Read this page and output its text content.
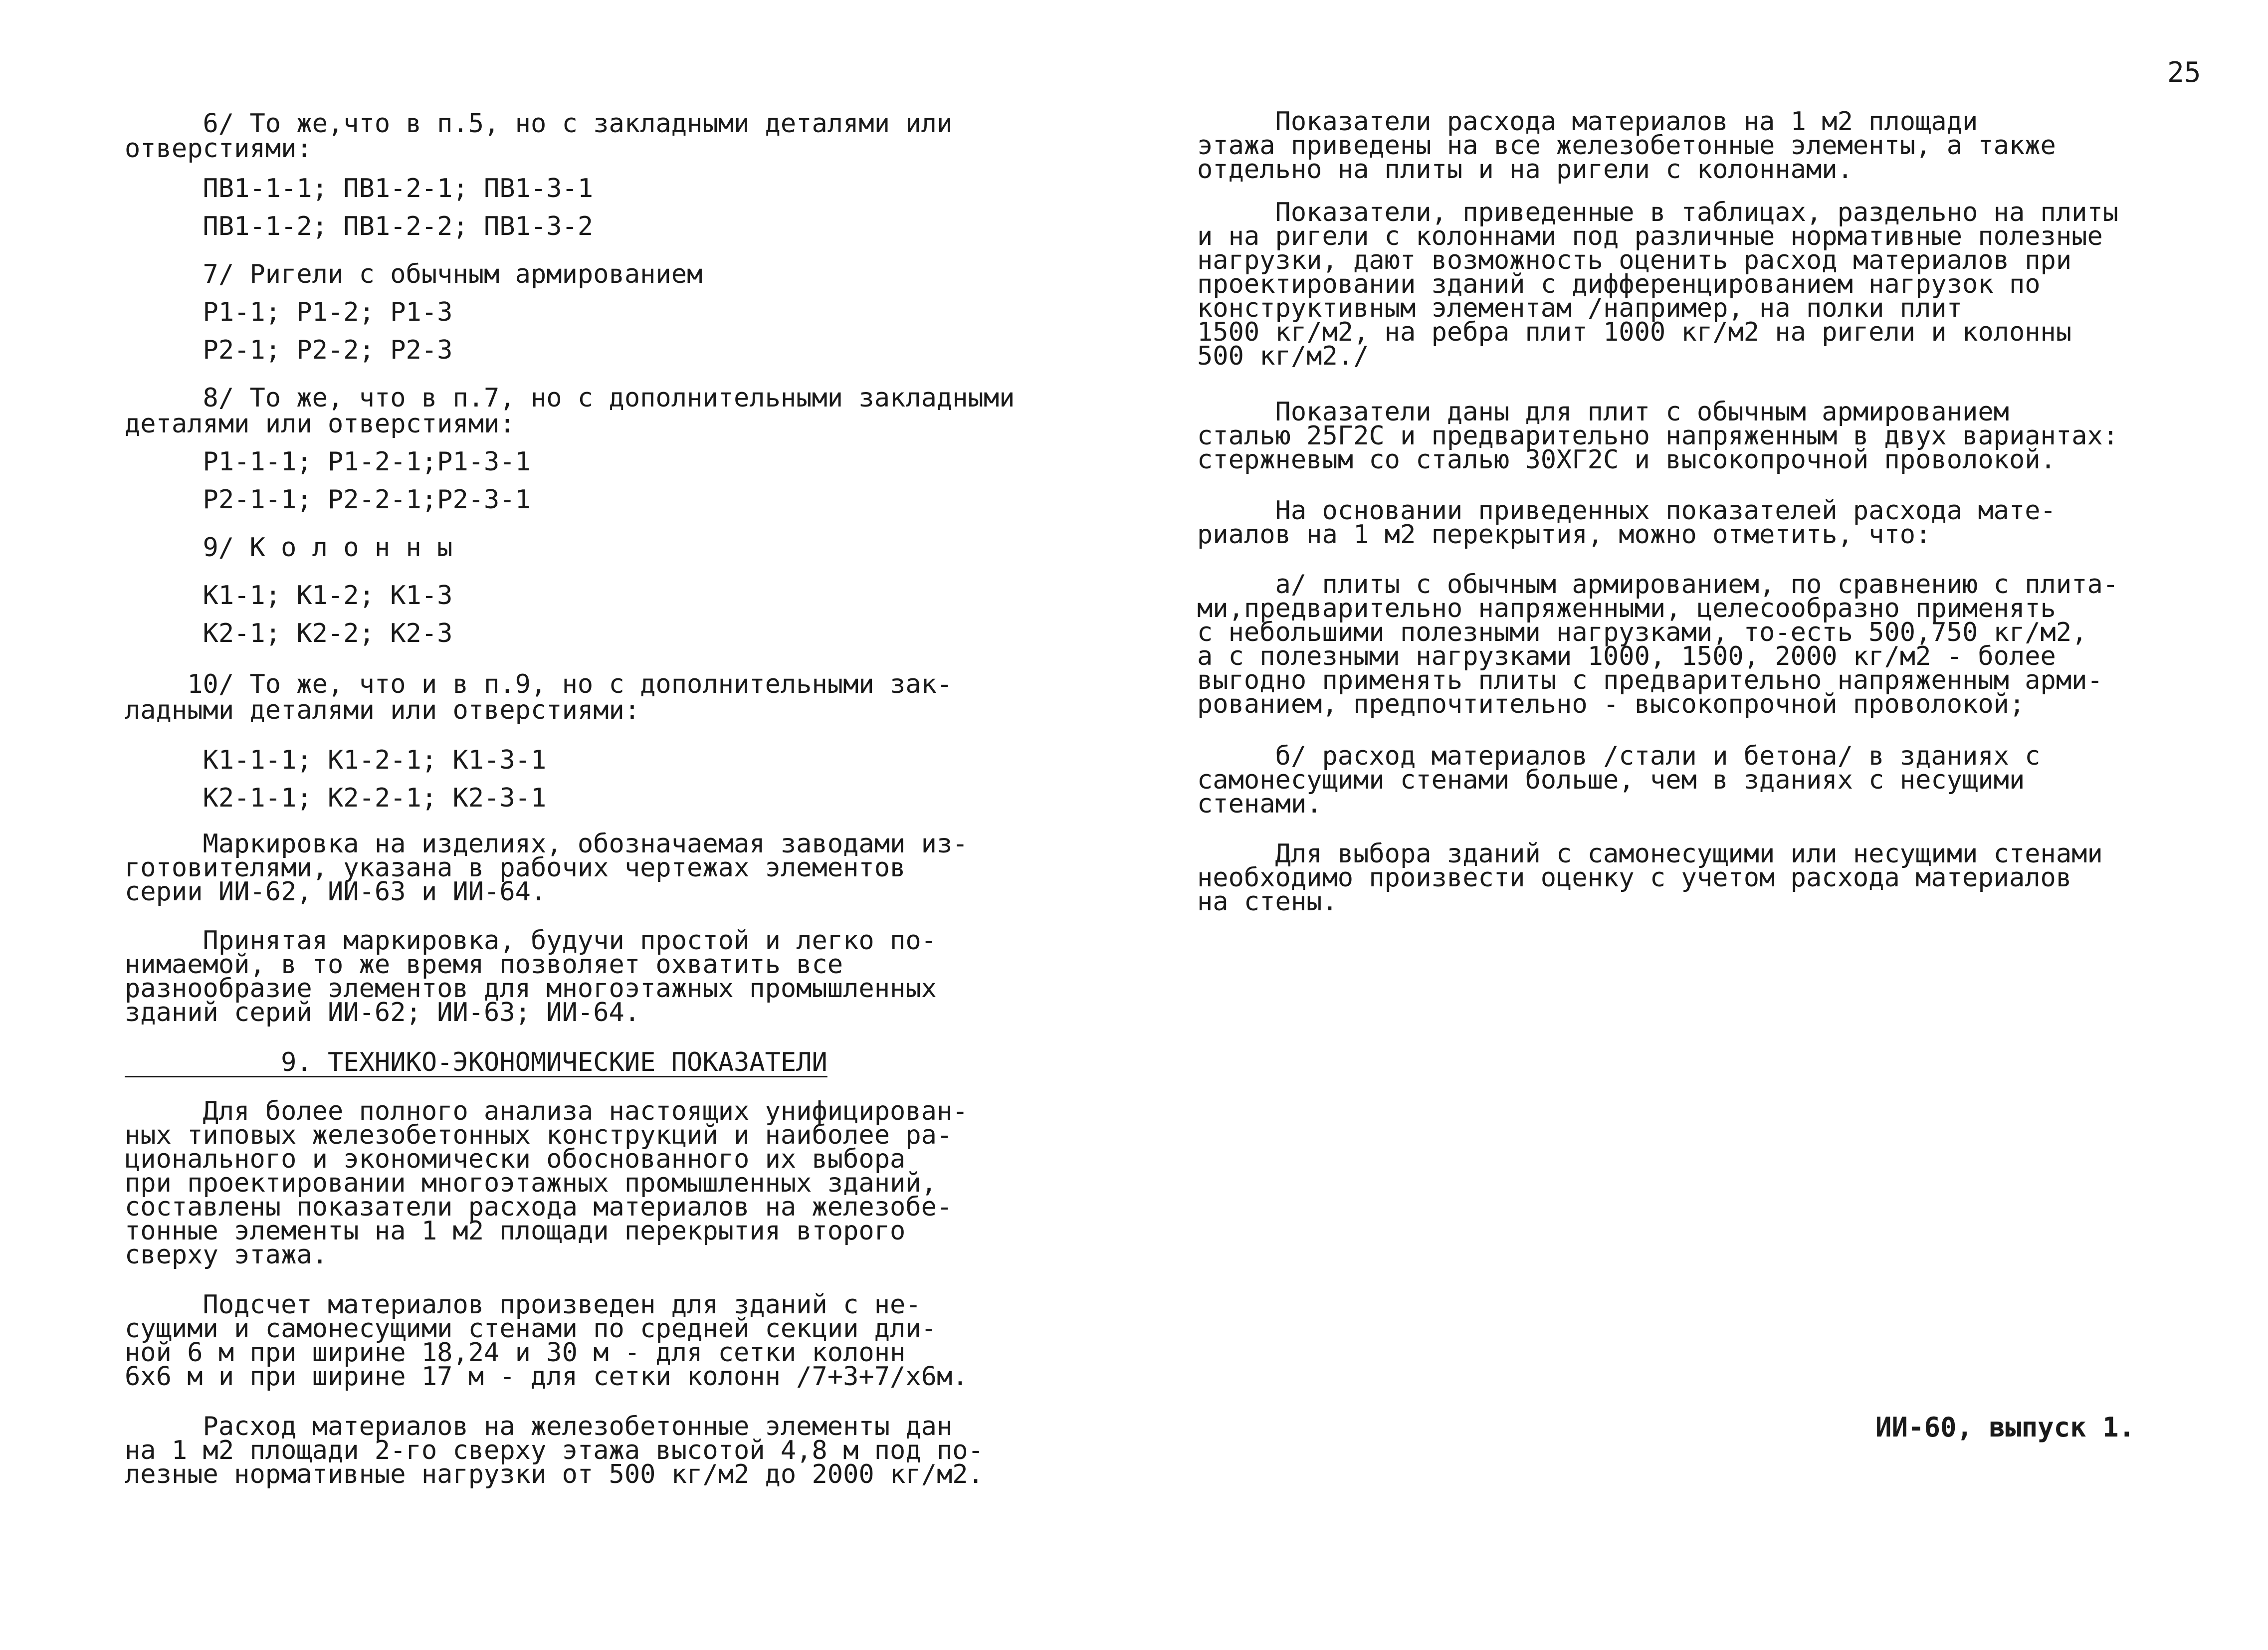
25
6/ То же,что в п.5, но с закладными деталями или
отверстиями:
ПВ1-1-1; ПВ1-2-1; ПВ1-3-1
ПВ1-1-2; ПВ1-2-2; ПВ1-3-2
7/ Ригели с обычным армированием
Р1-1; Р1-2; Р1-3
Р2-1; Р2-2; Р2-3
8/ То же, что в п.7, но с дополнительными закладными
деталями или отверстиями:
Р1-1-1; Р1-2-1;Р1-3-1
Р2-1-1; Р2-2-1;Р2-3-1
9/ К о л о н н ы
К1-1; К1-2; К1-3
К2-1; К2-2; К2-3
10/ То же, что и в п.9, но с дополнительными зак-
ладными деталями или отверстиями:
К1-1-1; К1-2-1; К1-3-1
К2-1-1; К2-2-1; К2-3-1
Маркировка на изделиях, обозначаемая заводами из-
готовителями, указана в рабочих чертежах элементов
серии ИИ-62, ИИ-63 и ИИ-64.
Принятая маркировка, будучи простой и легко по-
нимаемой, в то же время позволяет охватить все
разнообразие элементов для многоэтажных промышленных
зданий серий ИИ-62; ИИ-63; ИИ-64.
9. ТЕХНИКО-ЭКОНОМИЧЕСКИЕ ПОКАЗАТЕЛИ
Для более полного анализа настоящих унифицирован-
ных типовых железобетонных конструкций и наиболее ра-
ционального и экономически обоснованного их выбора
при проектировании многоэтажных промышленных зданий,
составлены показатели расхода материалов на железобе-
тонные элементы на 1 м2 площади перекрытия второго
сверху этажа.
Подсчет материалов произведен для зданий с не-
сущими и самонесущими стенами по средней секции дли-
ной 6 м при ширине 18,24 и 30 м - для сетки колонн
6х6 м и при ширине 17 м - для сетки колонн /7+3+7/х6м.
Расход материалов на железобетонные элементы дан
на 1 м2 площади 2-го сверху этажа высотой 4,8 м под по-
лезные нормативные нагрузки от 500 кг/м2 до 2000 кг/м2.
Показатели расхода материалов на 1 м2 площади
этажа приведены на все железобетонные элементы, а также
отдельно на плиты и на ригели с колоннами.
Показатели, приведенные в таблицах, раздельно на плиты
и на ригели с колоннами под различные нормативные полезные
нагрузки, дают возможность оценить расход материалов при
проектировании зданий с дифференцированием нагрузок по
конструктивным элементам /например, на полки плит
1500 кг/м2, на ребра плит 1000 кг/м2 на ригели и колонны
500 кг/м2./
Показатели даны для плит с обычным армированием
сталью 25Г2С и предварительно напряженным в двух вариантах:
стержневым со сталью 30ХГ2С и высокопрочной проволокой.
На основании приведенных показателей расхода мате-
риалов на 1 м2 перекрытия, можно отметить, что:
а/ плиты с обычным армированием, по сравнению с плита-
ми,предварительно напряженными, целесообразно применять
с небольшими полезными нагрузками, то-есть 500,750 кг/м2,
а с полезными нагрузками 1000, 1500, 2000 кг/м2 - более
выгодно применять плиты с предварительно напряженным арми-
рованием, предпочтительно - высокопрочной проволокой;
б/ расход материалов /стали и бетона/ в зданиях с
самонесущими стенами больше, чем в зданиях с несущими
стенами.
Для выбора зданий с самонесущими или несущими стенами
необходимо произвести оценку с учетом расхода материалов
на стены.
ИИ-60, выпуск 1.
